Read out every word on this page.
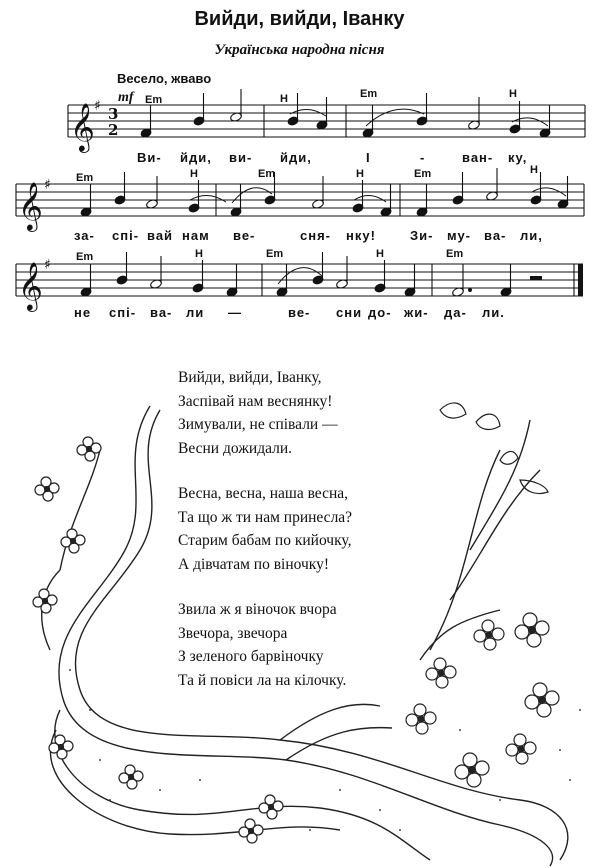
Вийди, вийди, Іванку
Українська народна пісня
Весело, жваво
mf
𝄞
𝄞
𝄞
♯
♯
♯
3
2
Em	H	Em	H
Em	H	Em	H	Em	H
Em	H	Em	H	Em
Ви- йди, ви- йди,	І	-	ван- ку,
за- спі- вай нам ве-	сня- нку!	Зи- му- ва- ли,
не спі- ва- ли —	ве- сни до- жи- да- ли.
Вийди, вийди, Іванку,
Заспівай нам веснянку!
Зимували, не співали —
Весни дожидали.
Весна, весна, наша весна,
Та що ж ти нам принесла?
Старим бабам по кийочку,
А дівчатам по віночку!
Звила ж я віночок вчора
Звечора, звечора
З зеленого барвіночку
Та й повіси ла на кілочку.
